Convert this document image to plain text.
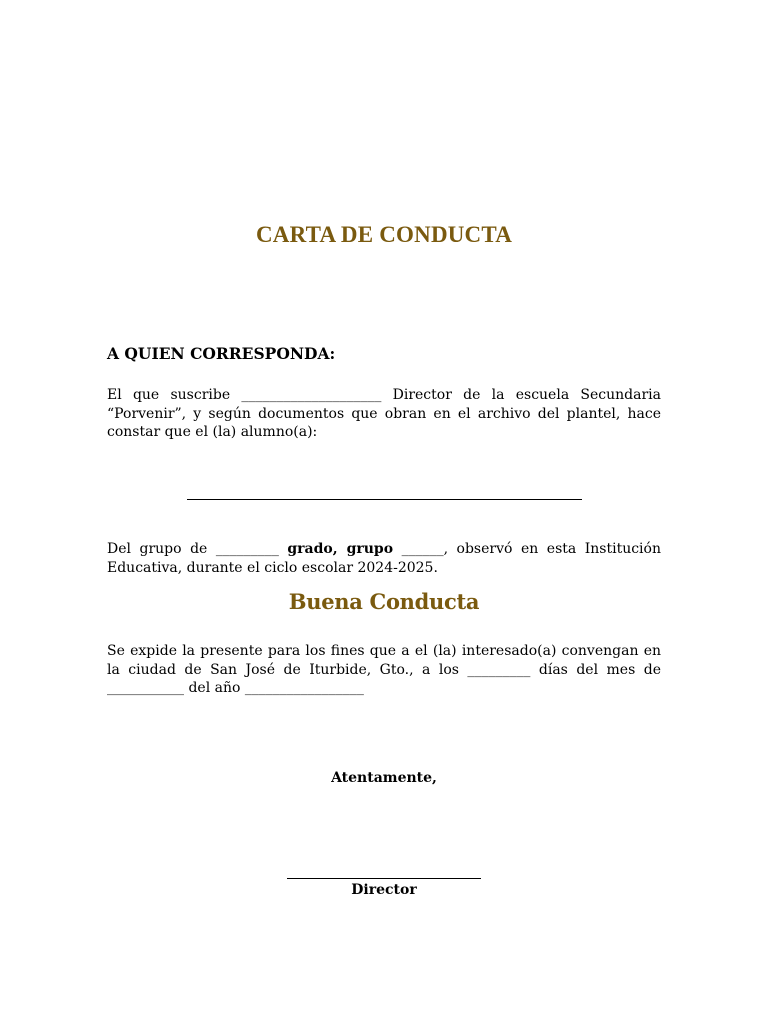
CARTA DE CONDUCTA
A QUIEN CORRESPONDA:

El que suscribe ____________________ Director de la escuela Secundaria “Porvenir”, y según documentos que obran en el archivo del plantel, hace constar que el (la) alumno(a):

Del grupo de _________ grado, grupo ______, observó en esta Institución Educativa, durante el ciclo escolar 2024-2025.

Buena Conducta

Se expide la presente para los fines que a el (la) interesado(a) convengan en la ciudad de San José de Iturbide, Gto., a los _________ días del mes de ___________ del año _________________

Atentamente,
Director
